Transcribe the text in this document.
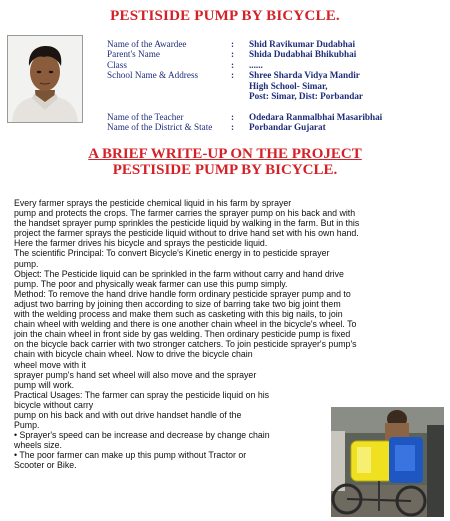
PESTISIDE PUMP BY BICYCLE.
Name of the Awardee	: Shid Ravikumar Dudabhai
Parent's Name	: Shida Dudabhai Bhikubhai
Class	: ......
School Name & Address	: Shree Sharda Vidya Mandir
High School- Simar,
Post: Simar, Dist: Porbandar
Name of the Teacher	: Odedara Ranmalbhai Masaribhai
Name of the District & State : Porbandar Gujarat
A BRIEF WRITE-UP ON THE PROJECT
PESTISIDE PUMP BY BICYCLE.
Every farmer sprays the pesticide chemical liquid in his farm by sprayer
pump and protects the crops. The farmer carries the sprayer pump on his back and with
the handset sprayer pump sprinkles the pesticide liquid by walking in the farm. But in this
project the farmer sprays the pesticide liquid without to drive hand set with his own hand.
Here the farmer drives his bicycle and sprays the pesticide liquid.
The scientific Principal: To convert Bicycle's Kinetic energy in to pesticide sprayer
pump.
Object: The Pesticide liquid can be sprinkled in the farm without carry and hand drive
pump. The poor and physically weak farmer can use this pump simply.
Method: To remove the hand drive handle form ordinary pesticide sprayer pump and to
adjust two barring by joining then according to size of barring take two big joint them
with the welding process and make them such as casketing with this big nails, to join
chain wheel with welding and there is one another chain wheel in the bicycle's wheel. To
join the chain wheel in front side by gas welding. Then ordinary pesticide pump is fixed
on the bicycle back carrier with two stronger catchers. To join pesticide sprayer's pump's
chain with bicycle chain wheel. Now to drive the bicycle chain
wheel move with it
sprayer pump's hand set wheel will also move and the sprayer
pump will work.
Practical Usages: The farmer can spray the pesticide liquid on his
bicycle without carry
pump on his back and with out drive handset handle of the
Pump.
• Sprayer's speed can be increase and decrease by change chain
wheels size.
• The poor farmer can make up this pump without Tractor or
Scooter or Bike.
